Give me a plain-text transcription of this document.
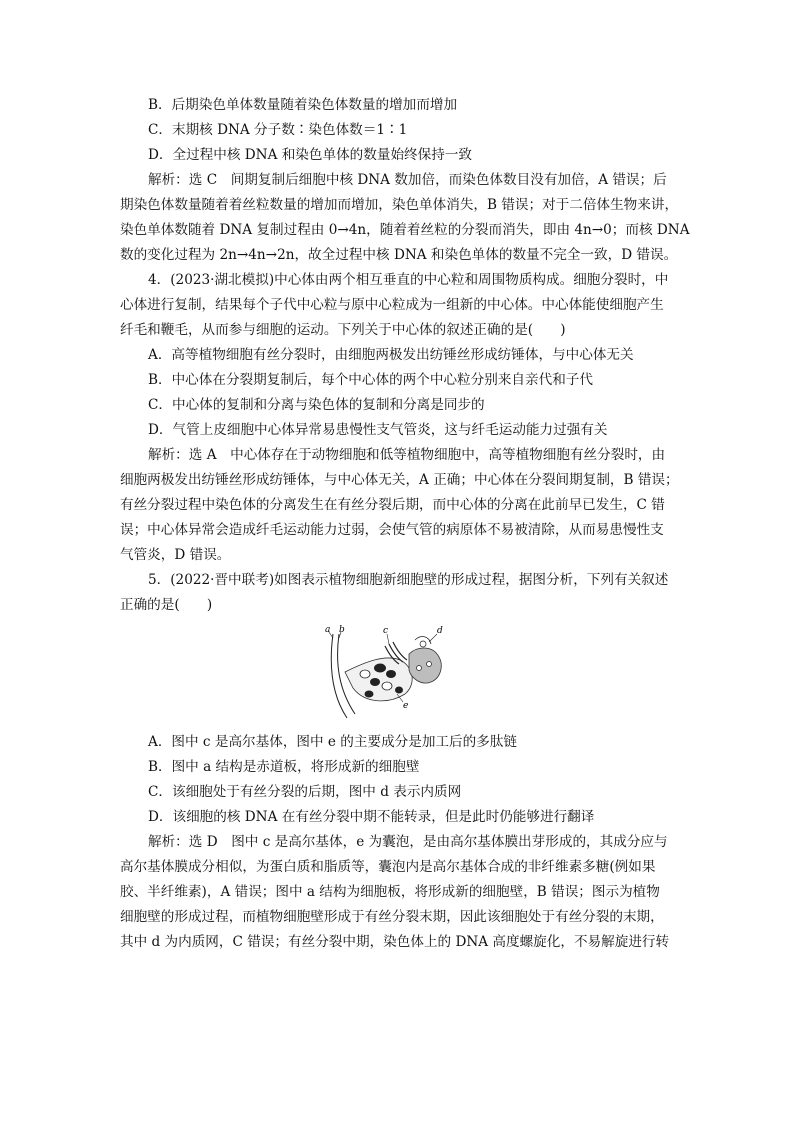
B．后期染色单体数量随着染色体数量的增加而增加
C．末期核 DNA 分子数∶染色体数＝1∶1
D．全过程中核 DNA 和染色单体的数量始终保持一致
解析：选 C　间期复制后细胞中核 DNA 数加倍，而染色体数目没有加倍，A 错误；后
期染色体数量随着着丝粒数量的增加而增加，染色单体消失，B 错误；对于二倍体生物来讲，
染色单体数随着 DNA 复制过程由 0→4n，随着着丝粒的分裂而消失，即由 4n→0；而核 DNA
数的变化过程为 2n→4n→2n，故全过程中核 DNA 和染色单体的数量不完全一致，D 错误。
4．(2023·湖北模拟)中心体由两个相互垂直的中心粒和周围物质构成。细胞分裂时，中
心体进行复制，结果每个子代中心粒与原中心粒成为一组新的中心体。中心体能使细胞产生
纤毛和鞭毛，从而参与细胞的运动。下列关于中心体的叙述正确的是(　　)
A．高等植物细胞有丝分裂时，由细胞两极发出纺锤丝形成纺锤体，与中心体无关
B．中心体在分裂期复制后，每个中心体的两个中心粒分别来自亲代和子代
C．中心体的复制和分离与染色体的复制和分离是同步的
D．气管上皮细胞中心体异常易患慢性支气管炎，这与纤毛运动能力过强有关
解析：选 A　中心体存在于动物细胞和低等植物细胞中，高等植物细胞有丝分裂时，由
细胞两极发出纺锤丝形成纺锤体，与中心体无关，A 正确；中心体在分裂间期复制，B 错误；
有丝分裂过程中染色体的分离发生在有丝分裂后期，而中心体的分离在此前早已发生，C 错
误；中心体异常会造成纤毛运动能力过弱，会使气管的病原体不易被清除，从而易患慢性支
气管炎，D 错误。
5．(2022·晋中联考)如图表示植物细胞新细胞壁的形成过程，据图分析，下列有关叙述
正确的是(　　)
a b	c	d
e
A．图中 c 是高尔基体，图中 e 的主要成分是加工后的多肽链
B．图中 a 结构是赤道板，将形成新的细胞壁
C．该细胞处于有丝分裂的后期，图中 d 表示内质网
D．该细胞的核 DNA 在有丝分裂中期不能转录，但是此时仍能够进行翻译
解析：选 D　图中 c 是高尔基体，e 为囊泡，是由高尔基体膜出芽形成的，其成分应与
高尔基体膜成分相似，为蛋白质和脂质等，囊泡内是高尔基体合成的非纤维素多糖(例如果
胶、半纤维素)，A 错误；图中 a 结构为细胞板，将形成新的细胞壁，B 错误；图示为植物
细胞壁的形成过程，而植物细胞壁形成于有丝分裂末期，因此该细胞处于有丝分裂的末期，
其中 d 为内质网，C 错误；有丝分裂中期，染色体上的 DNA 高度螺旋化，不易解旋进行转
